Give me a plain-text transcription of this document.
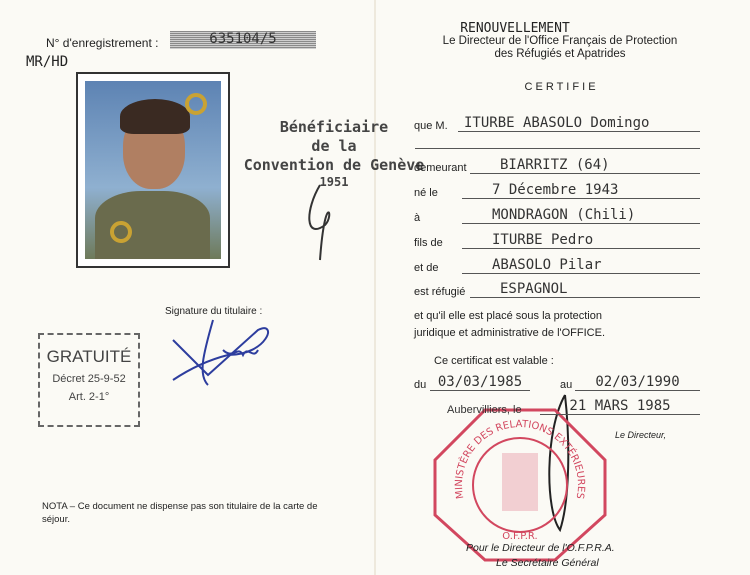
N° d'enregistrement :	635104/5
MR/HD
Bénéficiaire
de la
Convention de Genève
1951
Signature du titulaire :
GRATUITÉ
Décret 25-9-52
Art. 2-1°
NOTA – Ce document ne dispense pas son titulaire de la carte de séjour.
RENOUVELLEMENT
Le Directeur de l'Office Français de Protection
des Réfugiés et Apatrides
C E R T I F I E
que M.	ITURBE ABASOLO Domingo
demeurant	BIARRITZ (64)
né le	7 Décembre 1943
à	MONDRAGON (Chili)
fils de	ITURBE Pedro
et de	ABASOLO Pilar
est réfugié	ESPAGNOL
et qu'il elle est placé sous la protection
juridique et administrative de l'OFFICE.
Ce certificat est valable :
du 03/03/1985	au	02/03/1990
MINISTÈRE DES RELATIONS EXTÉRIEURES
O.F.P.R.
Aubervilliers, le	21 MARS 1985
Le Directeur,
Pour le Directeur de l'O.F.P.R.A.
Le Secrétaire Général
